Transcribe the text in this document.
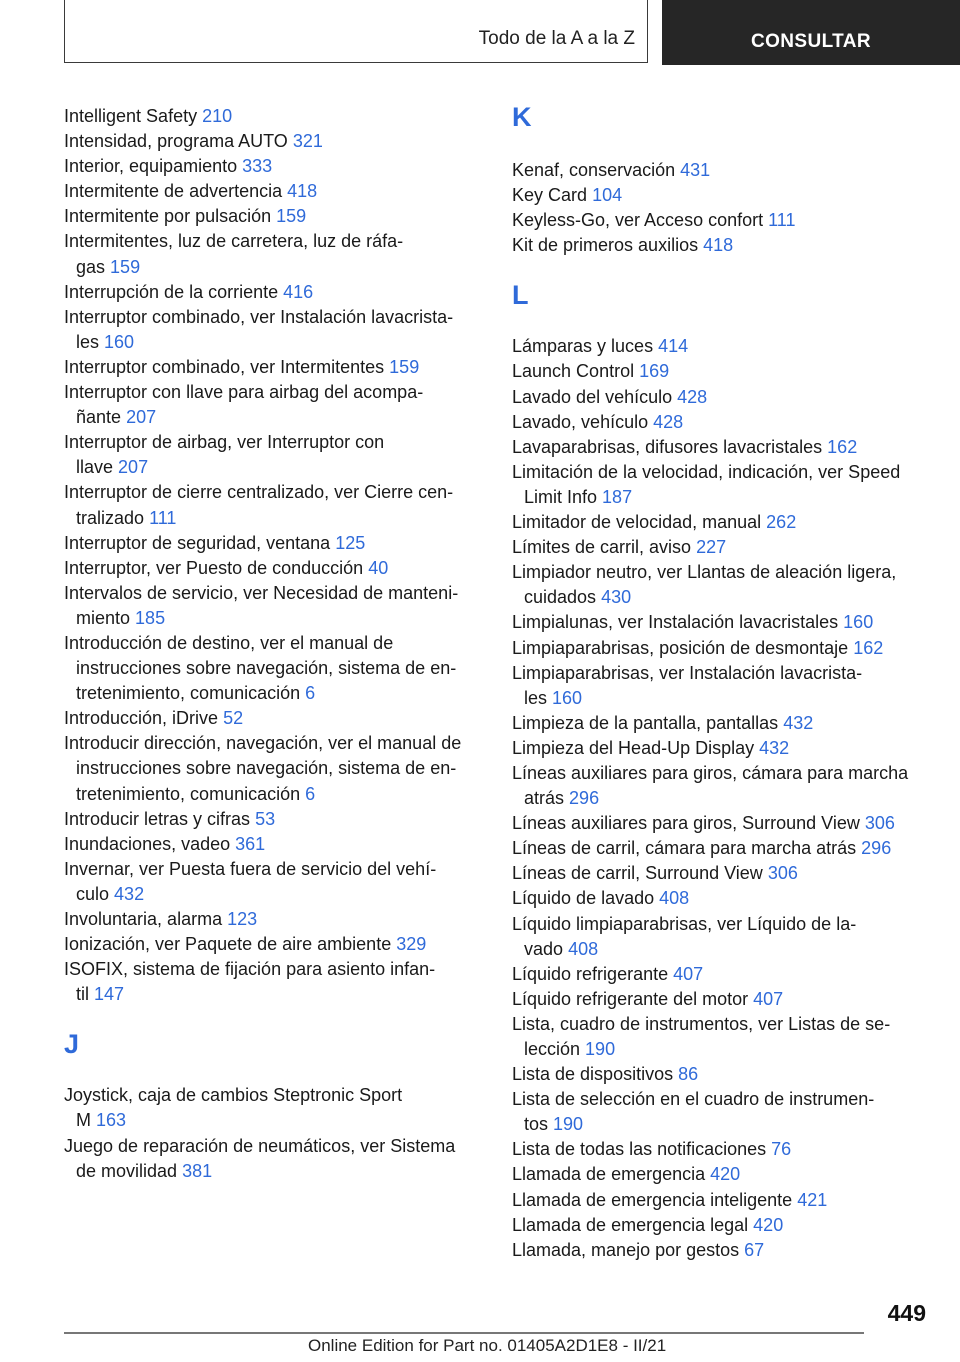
Todo de la A a la Z	CONSULTAR
Intelligent Safety 210
Intensidad, programa AUTO 321
Interior, equipamiento 333
Intermitente de advertencia 418
Intermitente por pulsación 159
Intermitentes, luz de carretera, luz de ráfa-
gas 159
Interrupción de la corriente 416
Interruptor combinado, ver Instalación lavacrista-
les 160
Interruptor combinado, ver Intermitentes 159
Interruptor con llave para airbag del acompa-
ñante 207
Interruptor de airbag, ver Interruptor con
llave 207
Interruptor de cierre centralizado, ver Cierre cen-
tralizado 111
Interruptor de seguridad, ventana 125
Interruptor, ver Puesto de conducción 40
Intervalos de servicio, ver Necesidad de manteni-
miento 185
Introducción de destino, ver el manual de
instrucciones sobre navegación, sistema de en-
tretenimiento, comunicación 6
Introducción, iDrive 52
Introducir dirección, navegación, ver el manual de
instrucciones sobre navegación, sistema de en-
tretenimiento, comunicación 6
Introducir letras y cifras 53
Inundaciones, vadeo 361
Invernar, ver Puesta fuera de servicio del vehí-
culo 432
Involuntaria, alarma 123
Ionización, ver Paquete de aire ambiente 329
ISOFIX, sistema de fijación para asiento infan-
til 147
J
Joystick, caja de cambios Steptronic Sport
M 163
Juego de reparación de neumáticos, ver Sistema
de movilidad 381
K
Kenaf, conservación 431
Key Card 104
Keyless-Go, ver Acceso confort 111
Kit de primeros auxilios 418
L
Lámparas y luces 414
Launch Control 169
Lavado del vehículo 428
Lavado, vehículo 428
Lavaparabrisas, difusores lavacristales 162
Limitación de la velocidad, indicación, ver Speed
Limit Info 187
Limitador de velocidad, manual 262
Límites de carril, aviso 227
Limpiador neutro, ver Llantas de aleación ligera,
cuidados 430
Limpialunas, ver Instalación lavacristales 160
Limpiaparabrisas, posición de desmontaje 162
Limpiaparabrisas, ver Instalación lavacrista-
les 160
Limpieza de la pantalla, pantallas 432
Limpieza del Head-Up Display 432
Líneas auxiliares para giros, cámara para marcha
atrás 296
Líneas auxiliares para giros, Surround View 306
Líneas de carril, cámara para marcha atrás 296
Líneas de carril, Surround View 306
Líquido de lavado 408
Líquido limpiaparabrisas, ver Líquido de la-
vado 408
Líquido refrigerante 407
Líquido refrigerante del motor 407
Lista, cuadro de instrumentos, ver Listas de se-
lección 190
Lista de dispositivos 86
Lista de selección en el cuadro de instrumen-
tos 190
Lista de todas las notificaciones 76
Llamada de emergencia 420
Llamada de emergencia inteligente 421
Llamada de emergencia legal 420
Llamada, manejo por gestos 67
449
Online Edition for Part no. 01405A2D1E8 - II/21
